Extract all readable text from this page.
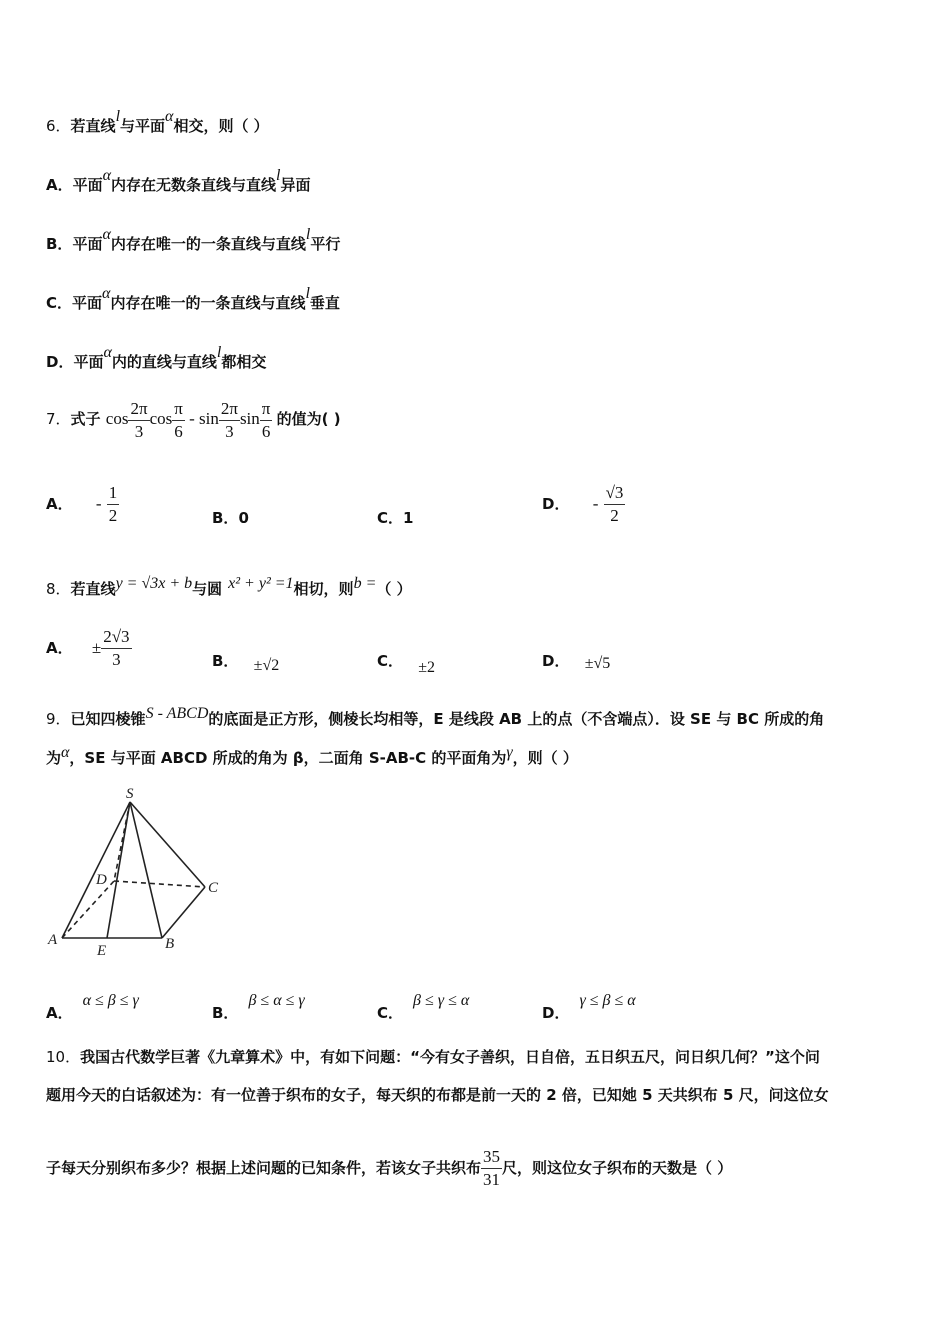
6．若直线l与平面α相交，则（ ）
A．平面α内存在无数条直线与直线l异面
B．平面α内存在唯一的一条直线与直线l平行
C．平面α内存在唯一的一条直线与直线l垂直
D．平面α内的直线与直线l都相交
7．式子 $\cos \frac{2\pi}{3}$ $\cos \frac{\pi}{6}$ - $\sin \frac{2\pi}{3}$ $\sin \frac{\pi}{6}$ 的值为( )
A． - $\frac{1}{2}$	B．0	C．1
D． - $\frac{√3}{2}$
8．若直线y = √3x + b与圆 x² + y² =1相切，则b =（ ）
A． ± $\frac{2√3}{3}$	B． ±√2	C． ±2	D． ±√5
9．已知四棱锥S - ABCD的底面是正方形，侧棱长均相等，E 是线段 AB 上的点（不含端点）．设 SE 与 BC 所成的角
为α，SE 与平面 ABCD 所成的角为 β，二面角 S-AB-C 的平面角为γ，则（ ）
S
A	B
C
D
E
A．α ≤ β ≤ γ
B．β ≤ α ≤ γ
C．β ≤ γ ≤ α
D．γ ≤ β ≤ α
10．我国古代数学巨著《九章算术》中，有如下问题：“今有女子善织，日自倍，五日织五尺，问日织几何？”这个问
题用今天的白话叙述为：有一位善于织布的女子，每天织的布都是前一天的 2 倍，已知她 5 天共织布 5 尺，问这位女
子每天分别织布多少？根据上述问题的已知条件，若该女子共织布 $\frac{35}{31}$ 尺，则这位女子织布的天数是（ ）
